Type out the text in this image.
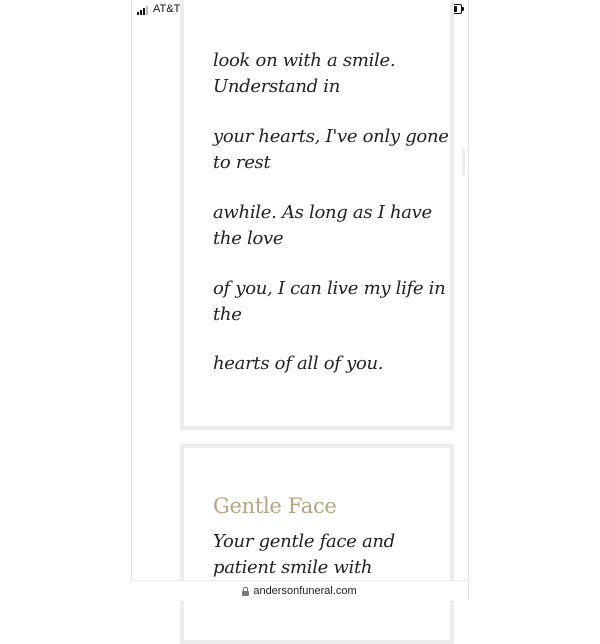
AT&T
look on with a smile. Understand in
your hearts, I've only gone to rest
awhile. As long as I have the love
of you, I can live my life in the
hearts of all of you.
Gentle Face
Your gentle face and patient smile with
andersonfuneral.com
